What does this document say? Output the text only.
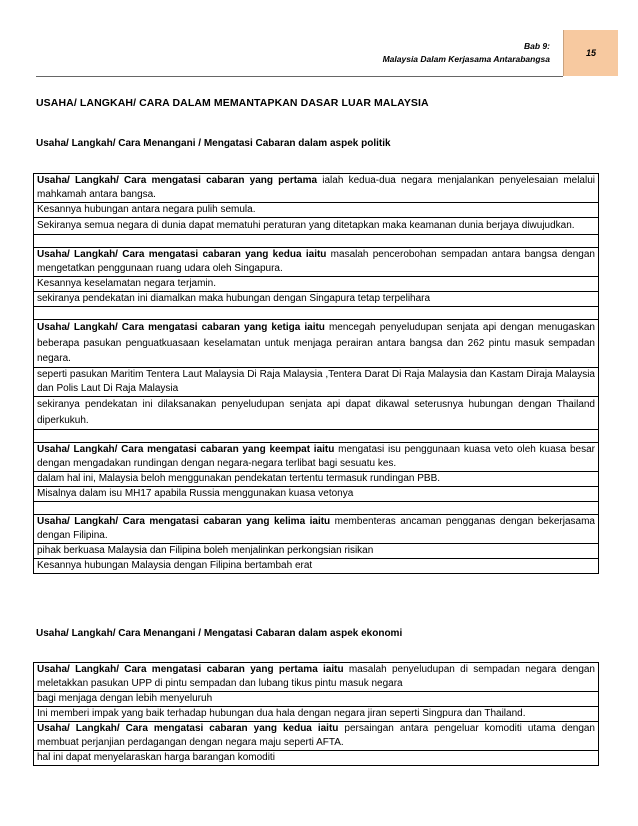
Bab 9:
Malaysia Dalam Kerjasama Antarabangsa
15
USAHA/ LANGKAH/ CARA DALAM MEMANTAPKAN DASAR LUAR MALAYSIA
Usaha/ Langkah/ Cara Menangani / Mengatasi Cabaran dalam aspek politik
Usaha/ Langkah/ Cara mengatasi cabaran yang pertama ialah kedua-dua negara menjalankan penyelesaian melalui mahkamah antara bangsa.
Kesannya hubungan antara negara pulih semula.
Sekiranya semua negara di dunia dapat mematuhi peraturan yang ditetapkan maka keamanan dunia berjaya diwujudkan.

Usaha/ Langkah/ Cara mengatasi cabaran yang kedua iaitu masalah pencerobohan sempadan antara bangsa dengan mengetatkan penggunaan ruang udara oleh Singapura.
Kesannya keselamatan negara terjamin.
sekiranya pendekatan ini diamalkan maka hubungan dengan Singapura tetap terpelihara

Usaha/ Langkah/ Cara mengatasi cabaran yang ketiga iaitu mencegah penyeludupan senjata api dengan menugaskan beberapa pasukan penguatkuasaan keselamatan untuk menjaga perairan antara bangsa dan 262 pintu masuk sempadan negara.
seperti pasukan Maritim Tentera Laut Malaysia Di Raja Malaysia ,Tentera Darat Di Raja Malaysia dan Kastam Diraja Malaysia dan Polis Laut Di Raja Malaysia
sekiranya pendekatan ini dilaksanakan penyeludupan senjata api dapat dikawal seterusnya hubungan dengan Thailand diperkukuh.

Usaha/ Langkah/ Cara mengatasi cabaran yang keempat iaitu mengatasi isu penggunaan kuasa veto oleh kuasa besar dengan mengadakan rundingan dengan negara-negara terlibat bagi sesuatu kes.
dalam hal ini, Malaysia beloh menggunakan pendekatan tertentu termasuk rundingan PBB.
Misalnya dalam isu MH17 apabila Russia menggunakan kuasa vetonya

Usaha/ Langkah/ Cara mengatasi cabaran yang kelima iaitu membenteras ancaman pengganas dengan bekerjasama dengan Filipina.
pihak berkuasa Malaysia dan Filipina boleh menjalinkan perkongsian risikan
Kesannya hubungan Malaysia dengan Filipina bertambah erat
Usaha/ Langkah/ Cara Menangani / Mengatasi Cabaran dalam aspek ekonomi
Usaha/ Langkah/ Cara mengatasi cabaran yang pertama iaitu masalah penyeludupan di sempadan negara dengan meletakkan pasukan UPP di pintu sempadan dan lubang tikus pintu masuk negara
bagi menjaga dengan lebih menyeluruh
Ini memberi impak yang baik terhadap hubungan dua hala dengan negara jiran seperti Singpura dan Thailand.
Usaha/ Langkah/ Cara mengatasi cabaran yang kedua iaitu persaingan antara pengeluar komoditi utama dengan membuat perjanjian perdagangan dengan negara maju seperti AFTA.
hal ini dapat menyelaraskan harga barangan komoditi
